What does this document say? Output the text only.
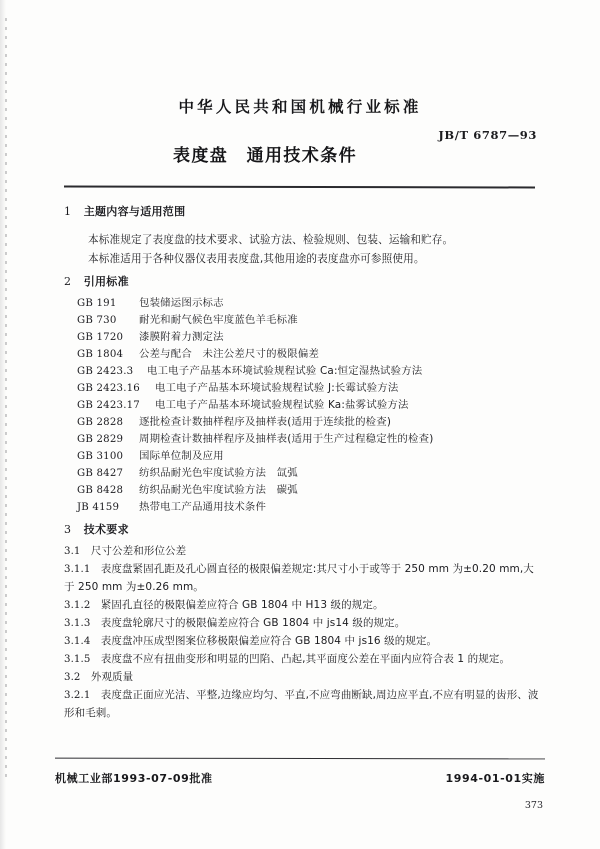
中华人民共和国机械行业标准
表度盘　通用技术条件
JB/T 6787—93
1 主题内容与适用范围
本标准规定了表度盘的技术要求、试验方法、检验规则、包装、运输和贮存。
本标准适用于各种仪器仪表用表度盘,其他用途的表度盘亦可参照使用。
2 引用标准
GB 191 包装储运图示标志
GB 730 耐光和耐气候色牢度蓝色羊毛标准
GB 1720 漆膜附着力测定法
GB 1804 公差与配合　未注公差尺寸的极限偏差
GB 2423.3 电工电子产品基本环境试验规程试验 Ca:恒定湿热试验方法
GB 2423.16 电工电子产品基本环境试验规程试验 J:长霉试验方法
GB 2423.17 电工电子产品基本环境试验规程试验 Ka:盐雾试验方法
GB 2828 逐批检查计数抽样程序及抽样表(适用于连续批的检查)
GB 2829 周期检查计数抽样程序及抽样表(适用于生产过程稳定性的检查)
GB 3100 国际单位制及应用
GB 8427 纺织品耐光色牢度试验方法　氙弧
GB 8428 纺织品耐光色牢度试验方法　碳弧
JB 4159 热带电工产品通用技术条件
3 技术要求
3.1 尺寸公差和形位公差
3.1.1 表度盘紧固孔距及孔心圆直径的极限偏差规定:其尺寸小于或等于 250 mm 为±0.20 mm,大
于 250 mm 为±0.26 mm。
3.1.2 紧固孔直径的极限偏差应符合 GB 1804 中 H13 级的规定。
3.1.3 表度盘轮廓尺寸的极限偏差应符合 GB 1804 中 js14 级的规定。
3.1.4 表度盘冲压成型图案位移极限偏差应符合 GB 1804 中 js16 级的规定。
3.1.5 表度盘不应有扭曲变形和明显的凹陷、凸起,其平面度公差在平面内应符合表 1 的规定。
3.2 外观质量
3.2.1 表度盘正面应光洁、平整,边缘应均匀、平直,不应弯曲断缺,周边应平直,不应有明显的齿形、波
形和毛刺。
机械工业部1993-07-09批准	1994-01-01实施
373
